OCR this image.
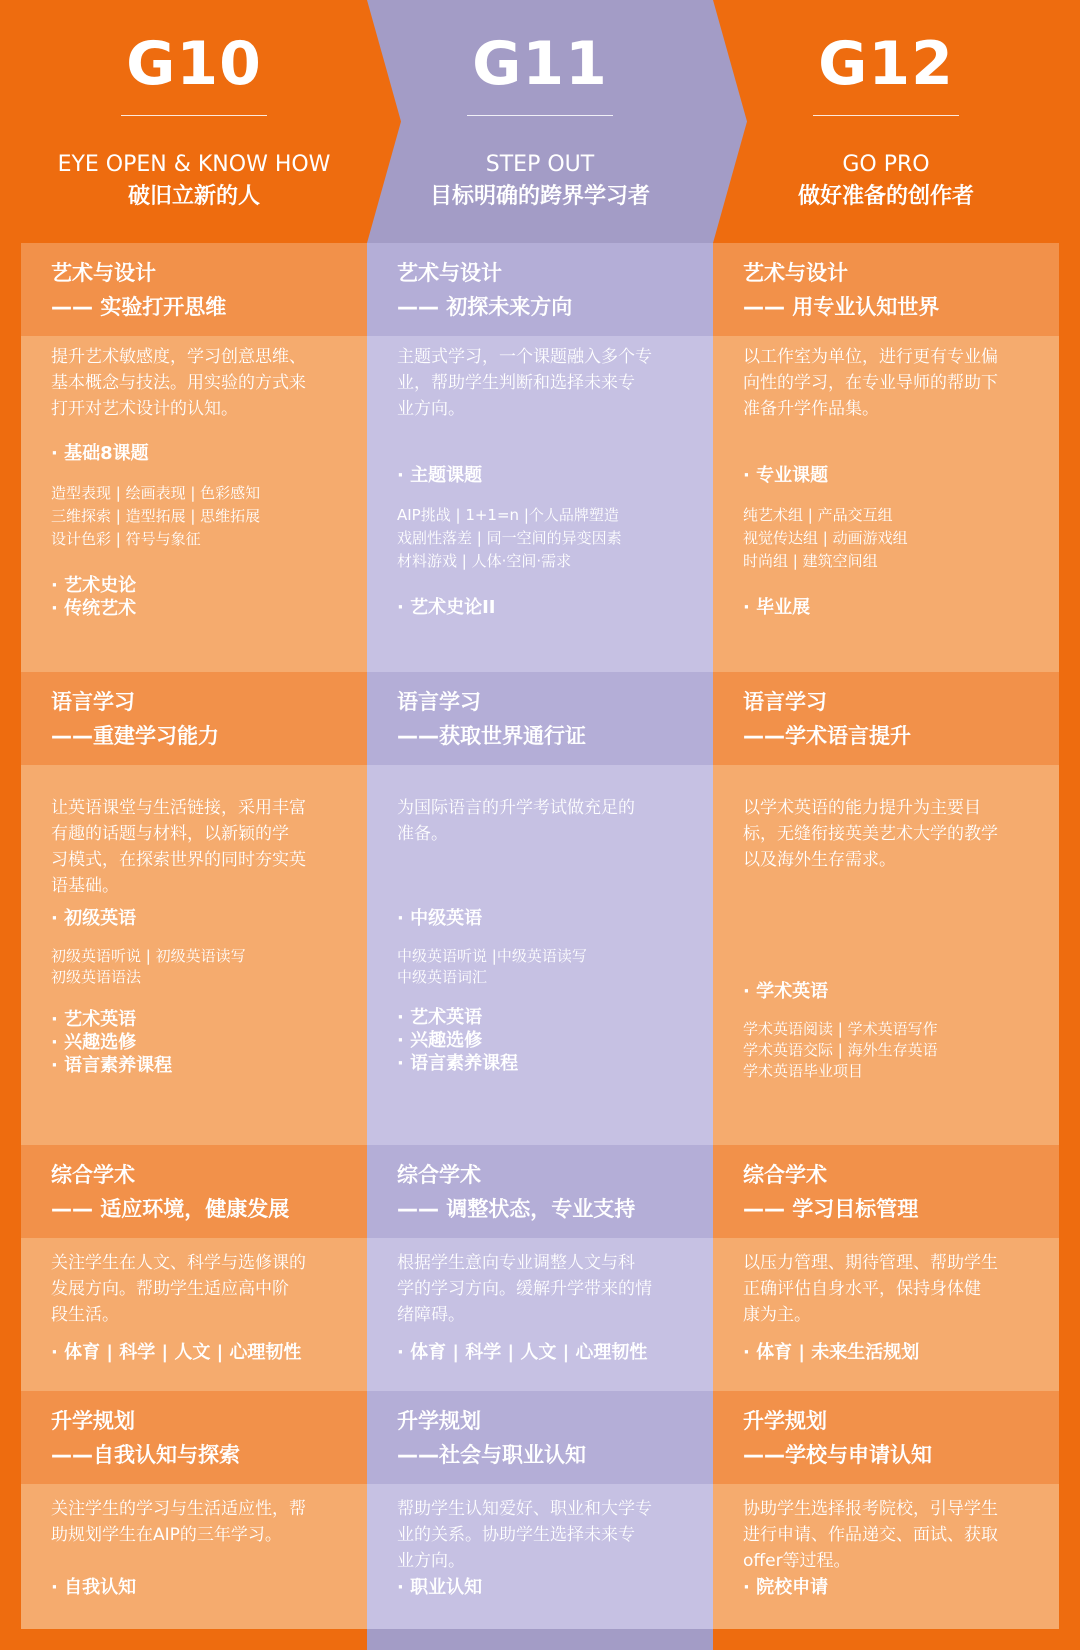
G10
EYE OPEN & KNOW HOW
破旧立新的人
G11
STEP OUT
目标明确的跨界学习者
G12
GO PRO
做好准备的创作者
艺术与设计
—— 实验打开思维
艺术与设计
—— 初探未来方向
艺术与设计
—— 用专业认知世界
提升艺术敏感度，学习创意思维、
基本概念与技法。用实验的方式来
打开对艺术设计的认知。
· 基础8课题
造型表现 | 绘画表现 | 色彩感知
三维探索 | 造型拓展 | 思维拓展
设计色彩 | 符号与象征
· 艺术史论
· 传统艺术
主题式学习，一个课题融入多个专
业，帮助学生判断和选择未来专
业方向。
· 主题课题
AIP挑战 | 1+1=n |个人品牌塑造
戏剧性落差 | 同一空间的异变因素
材料游戏 | 人体·空间·需求
· 艺术史论II
以工作室为单位，进行更有专业偏
向性的学习，在专业导师的帮助下
准备升学作品集。
· 专业课题
纯艺术组 | 产品交互组
视觉传达组 | 动画游戏组
时尚组 | 建筑空间组
· 毕业展
语言学习
——重建学习能力
语言学习
——获取世界通行证
语言学习
——学术语言提升
让英语课堂与生活链接，采用丰富
有趣的话题与材料，以新颖的学
习模式，在探索世界的同时夯实英
语基础。
· 初级英语
初级英语听说 | 初级英语读写
初级英语语法
· 艺术英语
· 兴趣选修
· 语言素养课程
为国际语言的升学考试做充足的
准备。
· 中级英语
中级英语听说 |中级英语读写
中级英语词汇
· 艺术英语
· 兴趣选修
· 语言素养课程
以学术英语的能力提升为主要目
标，无缝衔接英美艺术大学的教学
以及海外生存需求。
· 学术英语
学术英语阅读 | 学术英语写作
学术英语交际 | 海外生存英语
学术英语毕业项目
综合学术
—— 适应环境，健康发展
综合学术
—— 调整状态，专业支持
综合学术
—— 学习目标管理
关注学生在人文、科学与选修课的
发展方向。帮助学生适应高中阶
段生活。
· 体育 | 科学 | 人文 | 心理韧性
根据学生意向专业调整人文与科
学的学习方向。缓解升学带来的情
绪障碍。
· 体育 | 科学 | 人文 | 心理韧性
以压力管理、期待管理、帮助学生
正确评估自身水平，保持身体健
康为主。
· 体育 | 未来生活规划
升学规划
——自我认知与探索
升学规划
——社会与职业认知
升学规划
——学校与申请认知
关注学生的学习与生活适应性，帮
助规划学生在AIP的三年学习。
· 自我认知
帮助学生认知爱好、职业和大学专
业的关系。协助学生选择未来专
业方向。
· 职业认知
协助学生选择报考院校，引导学生
进行申请、作品递交、面试、获取
offer等过程。
· 院校申请
